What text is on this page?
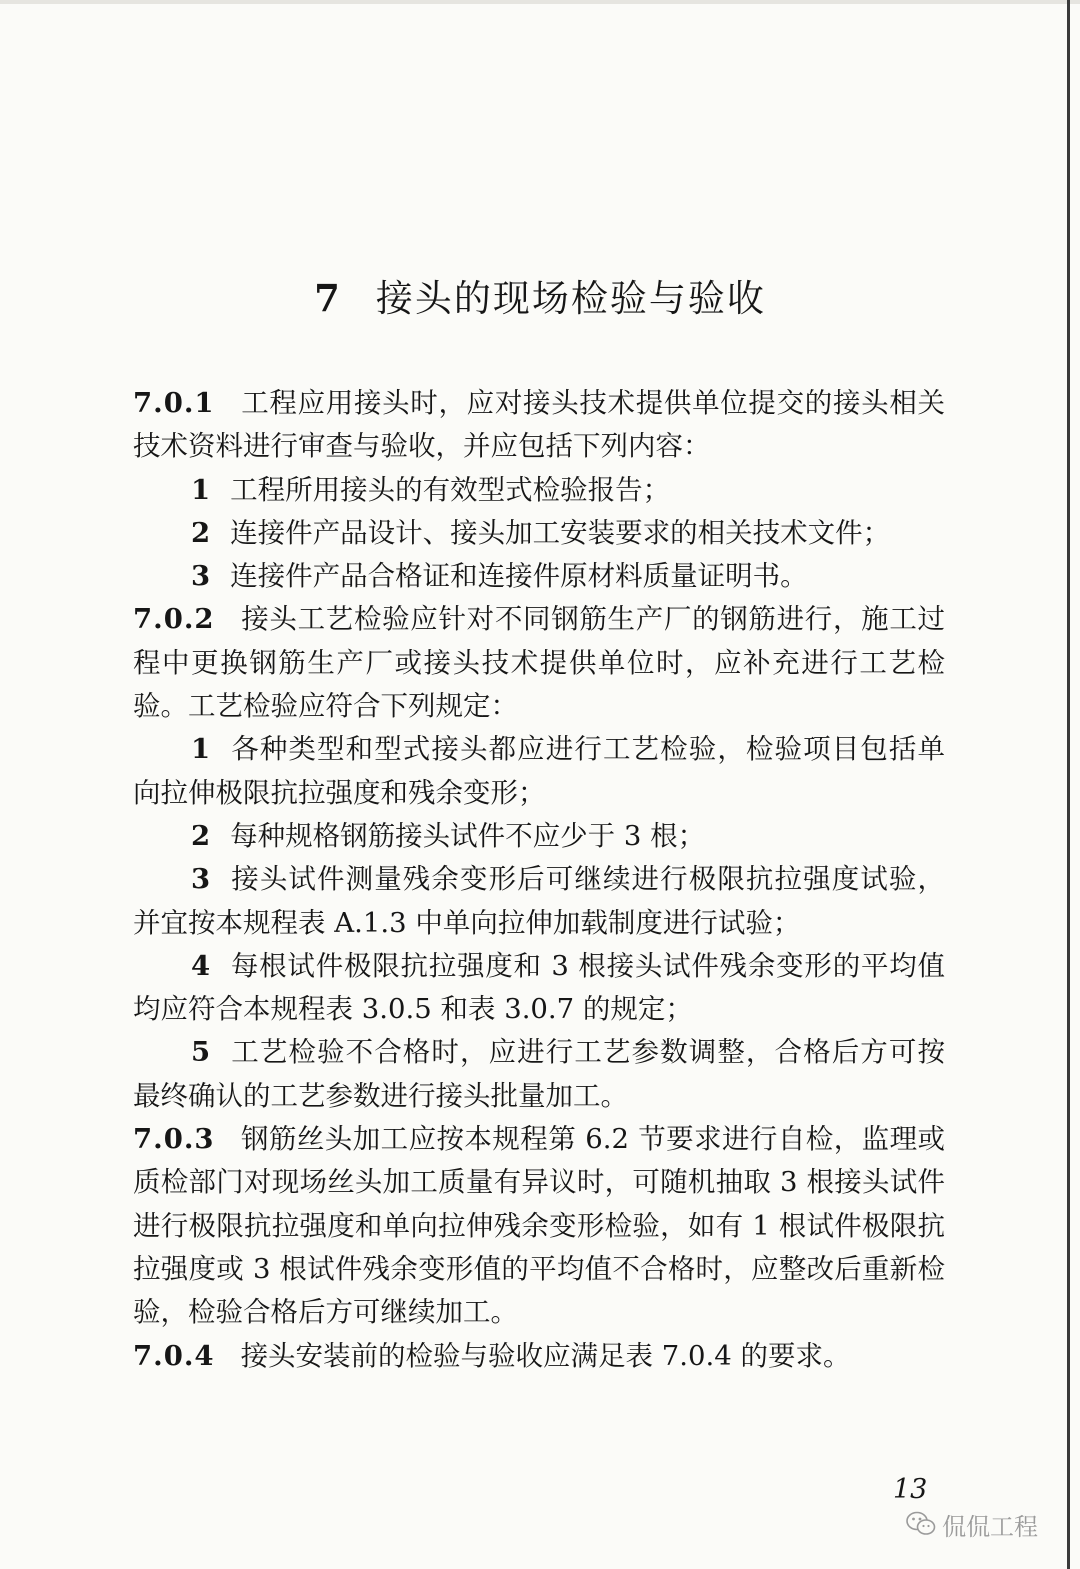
7 接头的现场检验与验收

7.0.1 工程应用接头时，应对接头技术提供单位提交的接头相关技术资料进行审查与验收，并应包括下列内容：

1 工程所用接头的有效型式检验报告；

2 连接件产品设计、接头加工安装要求的相关技术文件；

3 连接件产品合格证和连接件原材料质量证明书。

7.0.2 接头工艺检验应针对不同钢筋生产厂的钢筋进行，施工过程中更换钢筋生产厂或接头技术提供单位时，应补充进行工艺检验。工艺检验应符合下列规定：

1 各种类型和型式接头都应进行工艺检验，检验项目包括单向拉伸极限抗拉强度和残余变形；

2 每种规格钢筋接头试件不应少于 3 根；

3 接头试件测量残余变形后可继续进行极限抗拉强度试验，并宜按本规程表 A.1.3 中单向拉伸加载制度进行试验；

4 每根试件极限抗拉强度和 3 根接头试件残余变形的平均值均应符合本规程表 3.0.5 和表 3.0.7 的规定；

5 工艺检验不合格时，应进行工艺参数调整，合格后方可按最终确认的工艺参数进行接头批量加工。

7.0.3 钢筋丝头加工应按本规程第 6.2 节要求进行自检，监理或质检部门对现场丝头加工质量有异议时，可随机抽取 3 根接头试件进行极限抗拉强度和单向拉伸残余变形检验，如有 1 根试件极限抗拉强度或 3 根试件残余变形值的平均值不合格时，应整改后重新检验，检验合格后方可继续加工。

7.0.4 接头安装前的检验与验收应满足表 7.0.4 的要求。

13
侃侃工程
